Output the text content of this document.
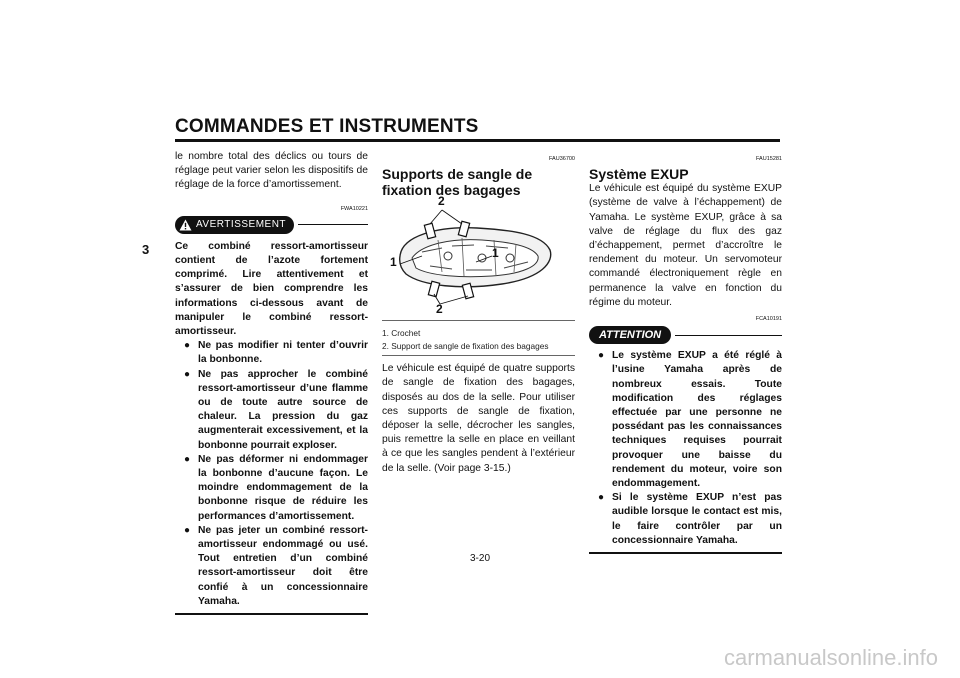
COMMANDES ET INSTRUMENTS
3

le nombre total des déclics ou tours de réglage peut varier selon les dispositifs de réglage de la force d’amortissement.

FWA10221
AVERTISSEMENT

Ce combiné ressort-amortisseur contient de l’azote fortement comprimé. Lire attentivement et s’assurer de bien comprendre les informations ci-dessous avant de manipuler le combiné ressort-amortisseur.

● Ne pas modifier ni tenter d’ouvrir la bonbonne.
● Ne pas approcher le combiné ressort-amortisseur d’une flamme ou de toute autre source de chaleur. La pression du gaz augmenterait excessivement, et la bonbonne pourrait exploser.
● Ne pas déformer ni endommager la bonbonne d’aucune façon. Le moindre endommagement de la bonbonne risque de réduire les performances d’amortissement.
● Ne pas jeter un combiné ressort-amortisseur endommagé ou usé. Tout entretien d’un combiné ressort-amortisseur doit être confié à un concessionnaire Yamaha.
FAU36700
Supports de sangle de fixation des bagages
2
1
1
2
1. Crochet
2. Support de sangle de fixation des bagages

Le véhicule est équipé de quatre supports de sangle de fixation des bagages, disposés au dos de la selle. Pour utiliser ces supports de sangle de fixation, déposer la selle, décrocher les sangles, puis remettre la selle en place en veillant à ce que les sangles pendent à l’extérieur de la selle. (Voir page 3-15.)

FAU15281
Système EXUP

Le véhicule est équipé du système EXUP (système de valve à l’échappement) de Yamaha. Le système EXUP, grâce à sa valve de réglage du flux des gaz d’échappement, permet d’accroître le rendement du moteur. Un servomoteur commandé électroniquement règle en permanence la valve en fonction du régime du moteur.

FCA10191
ATTENTION
● Le système EXUP a été réglé à l’usine Yamaha après de nombreux essais. Toute modification des réglages effectuée par une personne ne possédant pas les connaissances techniques requises pourrait provoquer une baisse du rendement du moteur, voire son endommagement.
● Si le système EXUP n’est pas audible lorsque le contact est mis, le faire contrôler par un concessionnaire Yamaha.

3-20

carmanualsonline.info
